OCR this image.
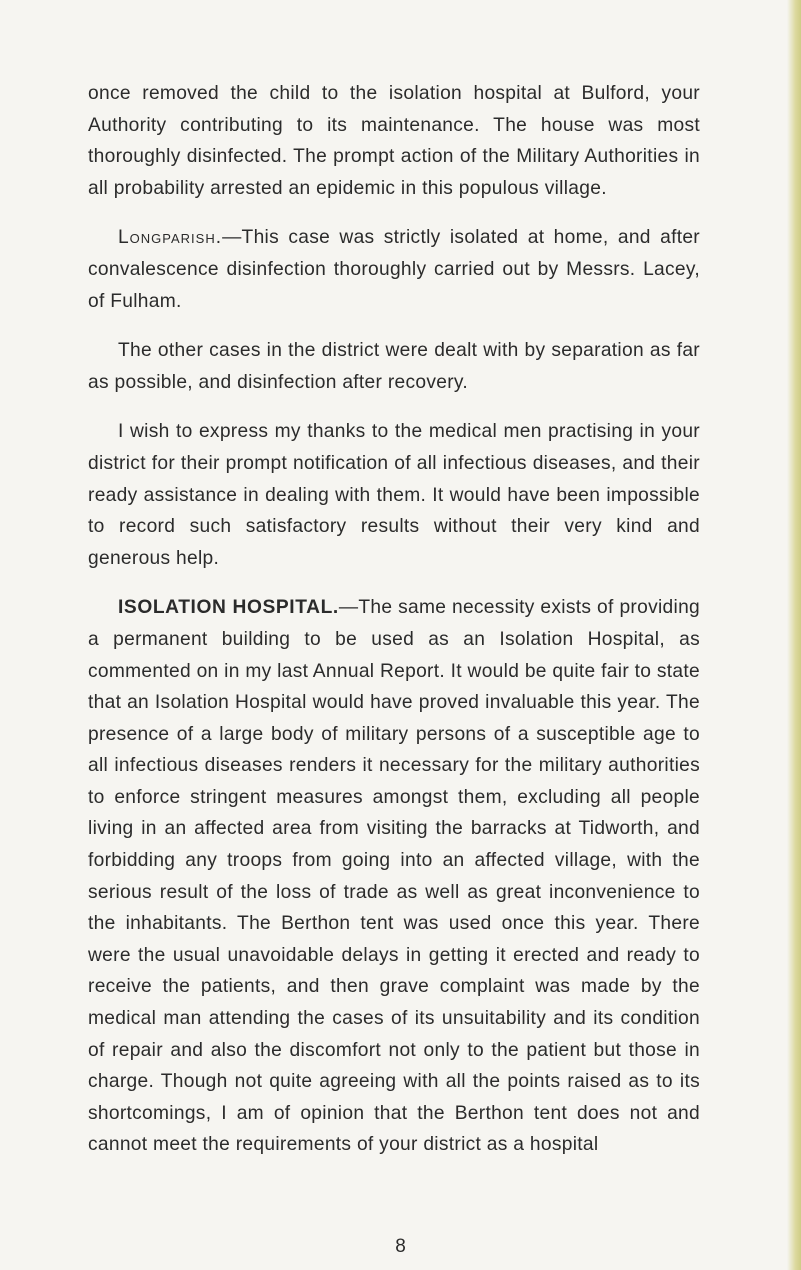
once removed the child to the isolation hospital at Bulford, your Authority contributing to its maintenance. The house was most thoroughly disinfected. The prompt action of the Military Authorities in all probability arrested an epidemic in this populous village.

Longparish.—This case was strictly isolated at home, and after convalescence disinfection thoroughly carried out by Messrs. Lacey, of Fulham.

The other cases in the district were dealt with by separation as far as possible, and disinfection after recovery.

I wish to express my thanks to the medical men practising in your district for their prompt notification of all infectious diseases, and their ready assistance in dealing with them. It would have been impossible to record such satisfactory results without their very kind and generous help.

ISOLATION HOSPITAL.—The same necessity exists of providing a permanent building to be used as an Isolation Hospital, as commented on in my last Annual Report. It would be quite fair to state that an Isolation Hospital would have proved invaluable this year. The presence of a large body of military persons of a susceptible age to all infectious diseases renders it necessary for the military authorities to enforce stringent measures amongst them, excluding all people living in an affected area from visiting the barracks at Tidworth, and forbidding any troops from going into an affected village, with the serious result of the loss of trade as well as great inconvenience to the inhabitants. The Berthon tent was used once this year. There were the usual unavoidable delays in getting it erected and ready to receive the patients, and then grave complaint was made by the medical man attending the cases of its unsuitability and its condition of repair and also the discomfort not only to the patient but those in charge. Though not quite agreeing with all the points raised as to its shortcomings, I am of opinion that the Berthon tent does not and cannot meet the requirements of your district as a hospital

8
